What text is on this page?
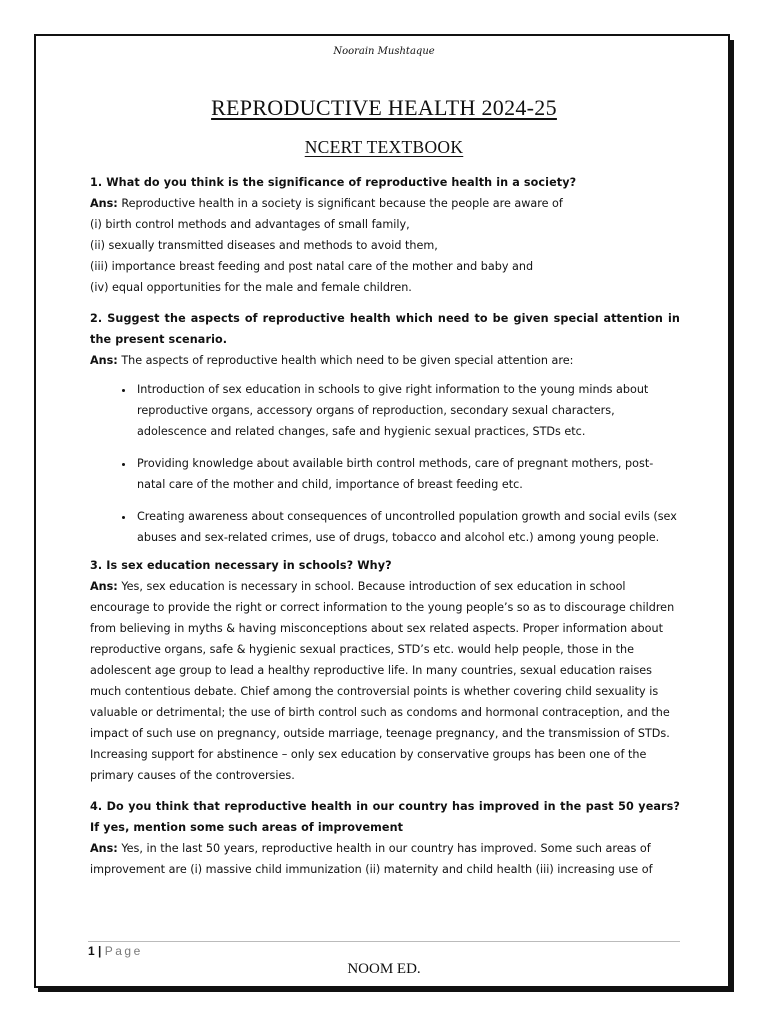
Noorain Mushtaque
REPRODUCTIVE HEALTH 2024-25
NCERT TEXTBOOK
1. What do you think is the significance of reproductive health in a society?
Ans: Reproductive health in a society is significant because the people are aware of
(i) birth control methods and advantages of small family,
(ii) sexually transmitted diseases and methods to avoid them,
(iii) importance breast feeding and post natal care of the mother and baby and
(iv) equal opportunities for the male and female children.
2. Suggest the aspects of reproductive health which need to be given special attention in the present scenario.
Ans: The aspects of reproductive health which need to be given special attention are:
• Introduction of sex education in schools to give right information to the young minds about reproductive organs, accessory organs of reproduction, secondary sexual characters, adolescence and related changes, safe and hygienic sexual practices, STDs etc.
• Providing knowledge about available birth control methods, care of pregnant mothers, post-natal care of the mother and child, importance of breast feeding etc.
• Creating awareness about consequences of uncontrolled population growth and social evils (sex abuses and sex-related crimes, use of drugs, tobacco and alcohol etc.) among young people.
3. Is sex education necessary in schools? Why?
Ans: Yes, sex education is necessary in school. Because introduction of sex education in school encourage to provide the right or correct information to the young people’s so as to discourage children from believing in myths & having misconceptions about sex related aspects. Proper information about reproductive organs, safe & hygienic sexual practices, STD’s etc. would help people, those in the adolescent age group to lead a healthy reproductive life. In many countries, sexual education raises much contentious debate. Chief among the controversial points is whether covering child sexuality is valuable or detrimental; the use of birth control such as condoms and hormonal contraception, and the impact of such use on pregnancy, outside marriage, teenage pregnancy, and the transmission of STDs. Increasing support for abstinence – only sex education by conservative groups has been one of the primary causes of the controversies.
4. Do you think that reproductive health in our country has improved in the past 50 years? If yes, mention some such areas of improvement
Ans: Yes, in the last 50 years, reproductive health in our country has improved. Some such areas of improvement are (i) massive child immunization (ii) maternity and child health (iii) increasing use of
1 | Page
NOOM ED.
